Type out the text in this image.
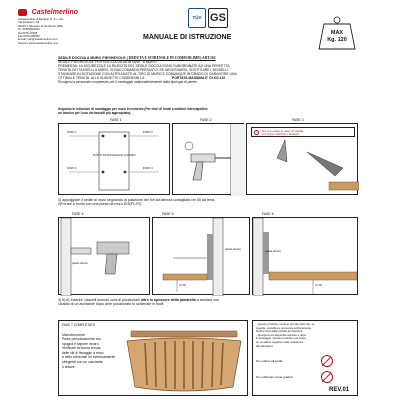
Castelmerlino
Castelmerlino di Zambon G. & c. snc
Via Zamperin, 64
46010 S.Silvestro di Curtatone (MN)
P.I. 01800910204
Tel.0376.47598
Fax.0376.299550
E-mail: info@castelmerlino.com
Internet: www.castelmerlino.com
TÜV GS
MANUALE DI ISTRUZIONE
MAX
Kg. 120
SEDILE DOCCIA A MURO PIEGHEVOLE ( DEDUTA E SCHIENALE IN COMP.OR.IMP.) ART.162
SEDILE PIEGHEVOLE PER DOCCIA DA MONTARE "A MURO"
PREMESSA: LA SICUREZZA E LA RIUSCITA DEL SEDILE DOCCIA SONO SUBORDINATE AD UNA PERFETTA
TENUTA DEI TASSELLI A MURO. SI RACCOMANDA PERTANTO, SE NECESSARIO, SOSTITUIRE I TASSELLI
STANDARD IN DOTAZIONE CON ALTRI ADATTI AL TIPO DI MURO E COMUNQUE IN GRADO DI GARANTIRE UNA
OTTIMALE TENUTA. ALLE SUDDETTE CONDIZIONI LA	PORTATA MASSIMA E' DI KG.110
Rivolgersi a personale competente per il montaggio indipendentemente dalla tipologia di parete.
Seguono le istruzioni di montaggio per muro in cemento (Per muri di forati a muttoni intercapedine
un tecnico per l'uso dei tasselli più appropriato)
FASE 1	FASE 2	FASE 3
PUNTI DI FISSAGGIO A MURO
FORO 1	FORO 2
FORO 3	FORO 4
Da non usare in caso di scarsa
con fresine elettriche o abrasive!
1) appoggiare il sedile al muro segnando la posizione dei fori ad altezza consigliata cm 50 da terra.
2)Forare a fondo con una punta da muro Ø 8(F1-F2)
FASE 4	FASE 5	FASE 6
parete doccia
parete doccia
cm 50
parete doccia
cm 50
4) 5) 6) Inserire i tasselli avendo cura di posizionarli oltre lo spessore della piastrella a avvitare con
l'ausilio di un avvitatore dopo aver posizionato lo schienale in filo/it.
FASE 7 COMPLETATO
Manutenzione:
Pulire periodicamente con
spugna e sapone neutro.
Verificare la buona tenuta
delle viti di fissaggio a muro
e dello schienale ed eventualmente
stringerle con un cacciavite
o chiave.
- Questo prodotto contiene piccole parti che, se
ingerite, potrebbero provocare soffocamento.
Tenere fuori dalla portata dei bambini.
- Sporgenti e/o appuntite durante e dopo
il montaggio. Questo prodotto può avere
se un effetto negativo sulla resistenza
alle abrasioni.
Non salire sul sedile
Non utilizzare come gradino
REV.01
